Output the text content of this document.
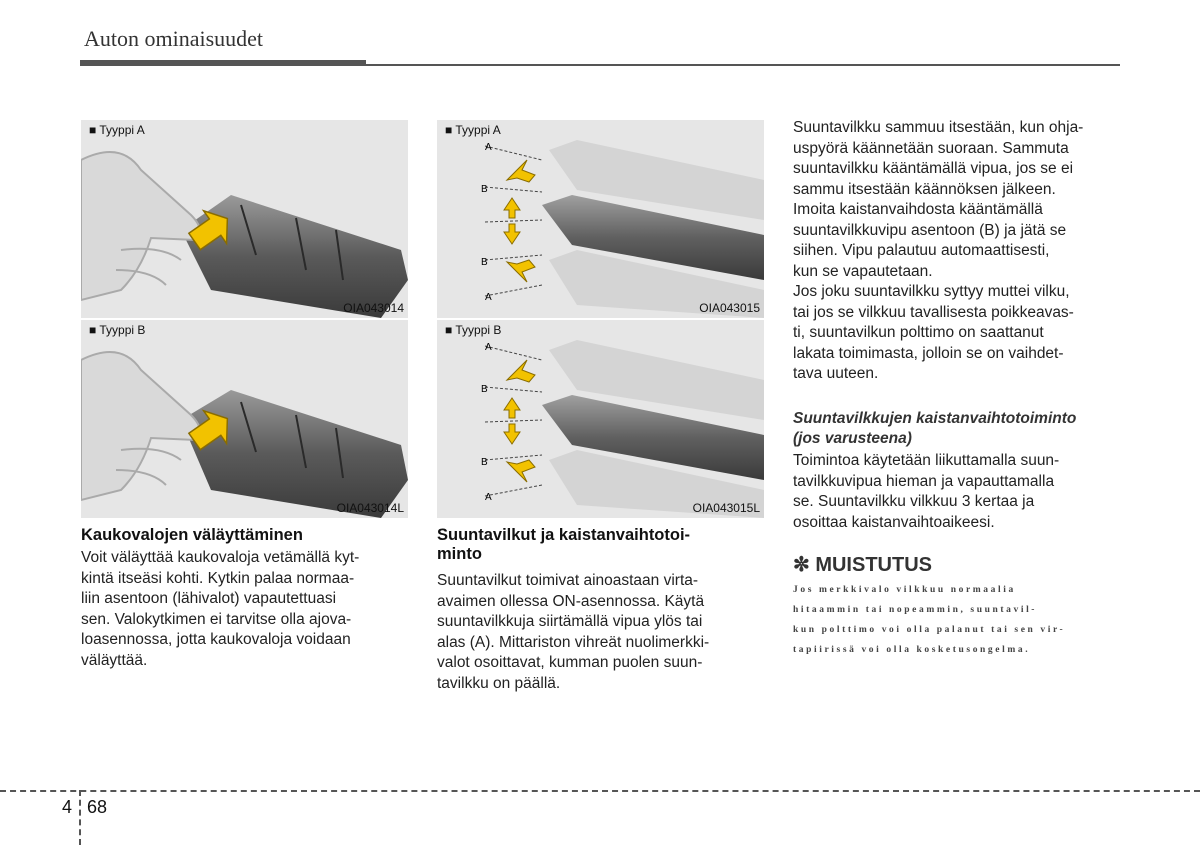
Auton ominaisuudet
■ Tyyppi A
OIA043014
■ Tyyppi B
OIA043014L
A
B
B
A
■ Tyyppi A
OIA043015
A
B
B
A
■ Tyyppi B
OIA043015L
Kaukovalojen väläyttäminen
Voit väläyttää kaukovaloja vetämällä kyt-
kintä itseäsi kohti. Kytkin palaa normaa-
liin asentoon (lähivalot) vapautettuasi
sen. Valokytkimen ei tarvitse olla ajova-
loasennossa, jotta kaukovaloja voidaan
väläyttää.
Suuntavilkut ja kaistanvaihtotoi-
minto
Suuntavilkut toimivat ainoastaan virta-
avaimen ollessa ON-asennossa. Käytä
suuntavilkkuja siirtämällä vipua ylös tai
alas (A). Mittariston vihreät nuolimerkki-
valot osoittavat, kumman puolen suun-
tavilkku on päällä.
Suuntavilkku sammuu itsestään, kun ohja-
uspyörä käännetään suoraan. Sammuta
suuntavilkku kääntämällä vipua, jos se ei
sammu itsestään käännöksen jälkeen.
Imoita kaistanvaihdosta kääntämällä
suuntavilkkuvipu asentoon (B) ja jätä se
siihen. Vipu palautuu automaattisesti,
kun se vapautetaan.
Jos joku suuntavilkku syttyy muttei vilku,
tai jos se vilkkuu tavallisesta poikkeavas-
ti, suuntavilkun polttimo on saattanut
lakata toimimasta, jolloin se on vaihdet-
tava uuteen.
Suuntavilkkujen kaistanvaihtotoiminto
(jos varusteena)
Toimintoa käytetään liikuttamalla suun-
tavilkkuvipua hieman ja vapauttamalla
se. Suuntavilkku vilkkuu 3 kertaa ja
osoittaa kaistanvaihtoaikeesi.
✼ MUISTUTUS
Jos merkkivalo vilkkuu normaalia
hitaammin tai nopeammin, suuntavil-
kun polttimo voi olla palanut tai sen vir-
tapiirissä voi olla kosketusongelma.
4 68
